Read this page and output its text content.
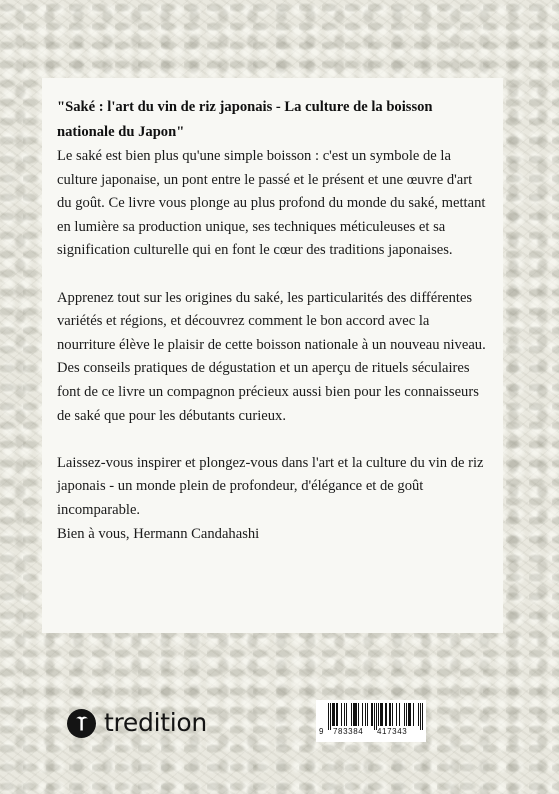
"Saké : l'art du vin de riz japonais - La culture de la boisson nationale du Japon"

Le saké est bien plus qu'une simple boisson : c'est un symbole de la culture japonaise, un pont entre le passé et le présent et une œuvre d'art du goût. Ce livre vous plonge au plus profond du monde du saké, mettant en lumière sa production unique, ses techniques méticuleuses et sa signification culturelle qui en font le cœur des traditions japonaises.

Apprenez tout sur les origines du saké, les particularités des différentes variétés et régions, et découvrez comment le bon accord avec la nourriture élève le plaisir de cette boisson nationale à un nouveau niveau. Des conseils pratiques de dégustation et un aperçu de rituels séculaires font de ce livre un compagnon précieux aussi bien pour les connaisseurs de saké que pour les débutants curieux.

Laissez-vous inspirer et plongez-vous dans l'art et la culture du vin de riz japonais - un monde plein de profondeur, d'élégance et de goût incomparable.

Bien à vous, Hermann Candahashi

tredition	9 783384 417343
